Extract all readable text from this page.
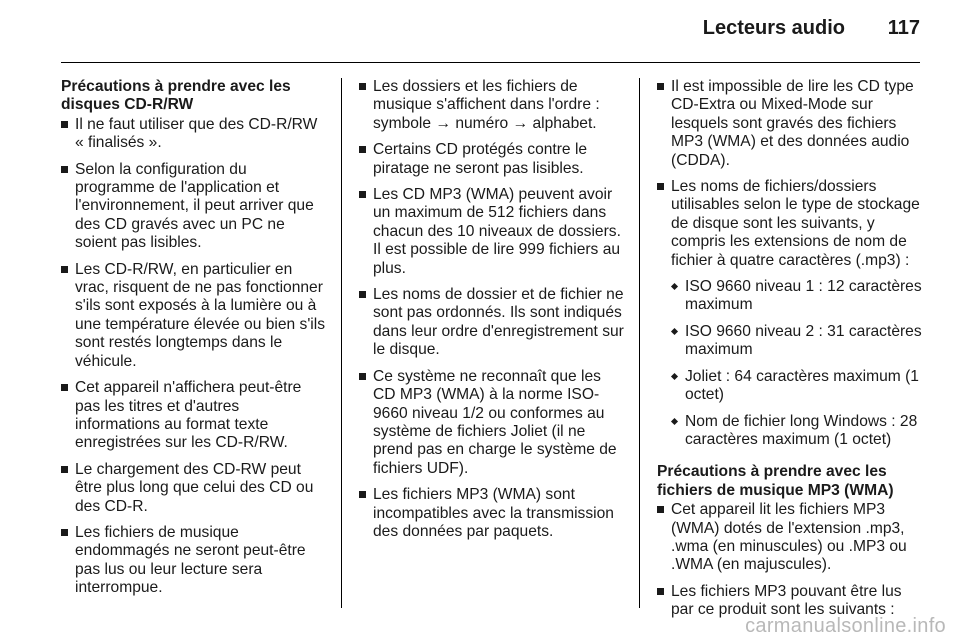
Lecteurs audio 117
Précautions à prendre avec les disques CD-R/RW
Il ne faut utiliser que des CD-R/RW « finalisés ».
Selon la configuration du programme de l'application et l'environnement, il peut arriver que des CD gravés avec un PC ne soient pas lisibles.
Les CD-R/RW, en particulier en vrac, risquent de ne pas fonctionner s'ils sont exposés à la lumière ou à une température élevée ou bien s'ils sont restés longtemps dans le véhicule.
Cet appareil n'affichera peut-être pas les titres et d'autres informations au format texte enregistrées sur les CD-R/RW.
Le chargement des CD-RW peut être plus long que celui des CD ou des CD-R.
Les fichiers de musique endommagés ne seront peut-être pas lus ou leur lecture sera interrompue.
Les dossiers et les fichiers de musique s'affichent dans l'ordre : symbole → numéro → alphabet.
Certains CD protégés contre le piratage ne seront pas lisibles.
Les CD MP3 (WMA) peuvent avoir un maximum de 512 fichiers dans chacun des 10 niveaux de dossiers. Il est possible de lire 999 fichiers au plus.
Les noms de dossier et de fichier ne sont pas ordonnés. Ils sont indiqués dans leur ordre d'enregistrement sur le disque.
Ce système ne reconnaît que les CD MP3 (WMA) à la norme ISO-9660 niveau 1/2 ou conformes au système de fichiers Joliet (il ne prend pas en charge le système de fichiers UDF).
Les fichiers MP3 (WMA) sont incompatibles avec la transmission des données par paquets.
Il est impossible de lire les CD type CD-Extra ou Mixed-Mode sur lesquels sont gravés des fichiers MP3 (WMA) et des données audio (CDDA).
Les noms de fichiers/dossiers utilisables selon le type de stockage de disque sont les suivants, y compris les extensions de nom de fichier à quatre caractères (.mp3) :
ISO 9660 niveau 1 : 12 caractères maximum
ISO 9660 niveau 2 : 31 caractères maximum
Joliet : 64 caractères maximum (1 octet)
Nom de fichier long Windows : 28 caractères maximum (1 octet)
Précautions à prendre avec les fichiers de musique MP3 (WMA)
Cet appareil lit les fichiers MP3 (WMA) dotés de l'extension .mp3, .wma (en minuscules) ou .MP3 ou .WMA (en majuscules).
Les fichiers MP3 pouvant être lus par ce produit sont les suivants :
carmanualsonline.info
